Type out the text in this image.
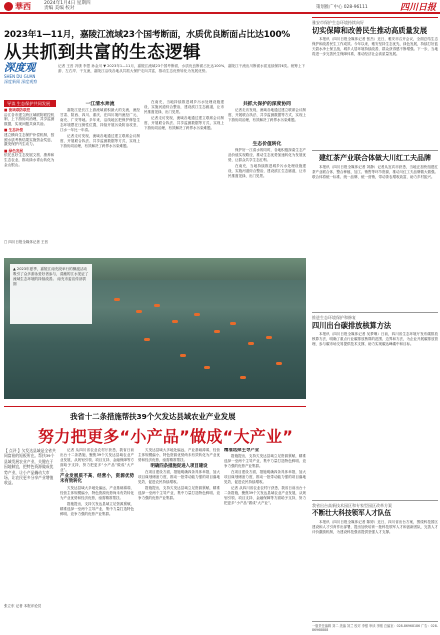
華西	2024年1月4日 星期四
责编 美编 校对	策划推广中心 028-96111	四川日报
2023年1—11月，嘉陵江流域23个国考断面，水质优良断面占比达100%
从共抓到共富的生态逻辑
记者 王晋 冯康 李思 孙金川 ▼ 2023年1—11月，嘉陵江流域23个国考断面，水质优良断面占比达100%，嘉陵江干流出川断面水质连续保持Ⅱ类。统筹上下游、左右岸、干支流，嘉陵江沿线各地从共抓大保护走向共富，推动生态优势转化为发展优势。
深度观
SHEN DU GUAN
深度新闻 深度观察
导读 生态保护共同发展
■ 流域联防联控
沿江各市建立跨区域联防联控机制，上下游协同治理，共享监测数据，实现问题共商共治。
■ 生态补偿
建立横向生态保护补偿机制，按照水质考核结果实施资金奖惩，激发保护内生动力。
■ 绿色发展
依托良好生态发展文旅、康养和生态农业，推动绿水青山转化为金山银山。
□ 四川日报全媒体记者 王晋
一江清水奔流

嘉陵江是长江上游流域面积最大的支流，流经甘肃、陕西、四川、重庆，在四川境内流经广元、南充、广安等地。多年来，沿线地区把保护修复生态环境摆在压倒性位置，持续开展污染防治攻坚，江水一年比一年清。

记者走访发现，流域各地通过建立联席会议制度、开展联合执法、共享监测数据等方式，实现上下游协同治理，有效解决了跨界水污染难题。

在南充，当地持续推进城乡污水处理设施建设，实施河道综合整治，建设滨江生态廊道，让市民推窗见绿、出门见景。

记者走访发现，流域各地通过建立联席会议制度、开展联合执法、共享监测数据等方式，实现上下游协同治理，有效解决了跨界水污染难题。

共抓大保护的深度协同

记者走访发现，流域各地通过建立联席会议制度、开展联合执法、共享监测数据等方式，实现上下游协同治理，有效解决了跨界水污染难题。

生态价值转化

保护好一江清水的同时，各地积极探索生态产品价值实现路径，推动生态优势加速转化为发展优势，让群众共享生态红利。

在南充，当地持续推进城乡污水处理设施建设，实施河道综合整治，建设滨江生态廊道，让市民推窗见绿、出门见景。

▲ 2023年夏季，嘉陵江南充段举行的横渡活动吸引了众多游泳爱好者参与，清澈的江水见证了流域生态环境的持续改善。 南充市委宣传部供图
雅安市保护生态环境持续向好
切实保障和改善民生推动高质量发展

本报讯（四川日报全媒体记者 张杰）近日，雅安市召开会议，全面总结生态保护和改善民生工作成效。今年以来，雅安坚持生态优先、绿色发展，持续打好蓝天碧水净土保卫战，城乡人居环境持续改善，群众获得感不断增强。下一步，当地将进一步完善民生保障体系，推动经济社会高质量发展。

建红茶产业联合体做大川红工夫品牌

本报讯（四川日报全媒体记者 刘静）记者从宜宾市获悉，当地正加快组建红茶产业联合体，整合种植、加工、销售等环节资源，推动川红工夫品牌做大做强。联合体将统一标准、统一品牌、统一营销，带动茶农增收致富，助力乡村振兴。

推进生态环境保护和修复
四川出台碳排放核算方法

本报讯（四川日报全媒体记者 吴梦琳）日前，四川省生态环境厅发布碳排放核算方法，明确了重点行业碳排放核算的范围、边界和方法，为企业开展碳排放管理、参与碳市场交易提供技术支撑，助力实现碳达峰碳中和目标。

我省出台高新技术园区和专家型园区改革方案
不断壮大科技领军人才队伍

本报讯（四川日报全媒体记者 陈婷）近日，四川省出台方案，围绕科技园区建设和人才引育作出部署，提出加快培育一批科技领军人才和创新团队，完善人才评价激励机制，为建设科技强省提供坚强人才支撑。

我省十二条措施帮扶39个欠发达县域农业产业发展
努力把更多“小产品”做成“大产业”
【 点评 】欠发达县域是全省共同富裕的短板所在。帮扶39个县域发展农业产业，关键在于因地制宜，把特色资源做成优势产业，让小产品撬动大市场，让农民更多分享产业增值收益。
张立东 记者 本报评论员

记者 从四川省农业农村厅获悉，我省日前出台十二条措施，聚焦39个欠发达县域农业产业发展，从规划引领、项目支持、金融保障等方面给予支持，努力把更多“小产品”做成“大产业”。

产业发展质不高、经营小，资源优势未有效转化

欠发达县域大多地处偏远，产业基础薄弱，经营主体规模偏小，特色资源优势尚未有效转化为产业优势和经济优势，亟需精准帮扶。

措施提出，支持欠发达县域立足资源禀赋，精准选择一至两个主导产业，集中力量打造特色鲜明、竞争力强的优势产业集群。

欠发达县域大多地处偏远，产业基础薄弱，经营主体规模偏小，特色资源优势尚未有效转化为产业优势和经济优势，亟需精准帮扶。

明确四条措施促进入项目建设

在项目建设方面，措施明确四条具体举措，加大项目谋划储备力度，推动一批带动能力强的项目落地见效，促进农民持续增收。

措施提出，支持欠发达县域立足资源禀赋，精准选择一至两个主导产业，集中力量打造特色鲜明、竞争力强的优势产业集群。

精准选择主导产业

措施提出，支持欠发达县域立足资源禀赋，精准选择一至两个主导产业，集中力量打造特色鲜明、竞争力强的优势产业集群。

在项目建设方面，措施明确四条具体举措，加大项目谋划储备力度，推动一批带动能力强的项目落地见效，促进农民持续增收。

记者 从四川省农业农村厅获悉，我省日前出台十二条措施，聚焦39个欠发达县域农业产业发展，从规划引领、项目支持、金融保障等方面给予支持，努力把更多“小产品”做成“大产业”。

一版责任编辑 刘二 美编 刘兰 校对 李强 审读 李刚 总编室：028-86968186 广告：028-86968888
